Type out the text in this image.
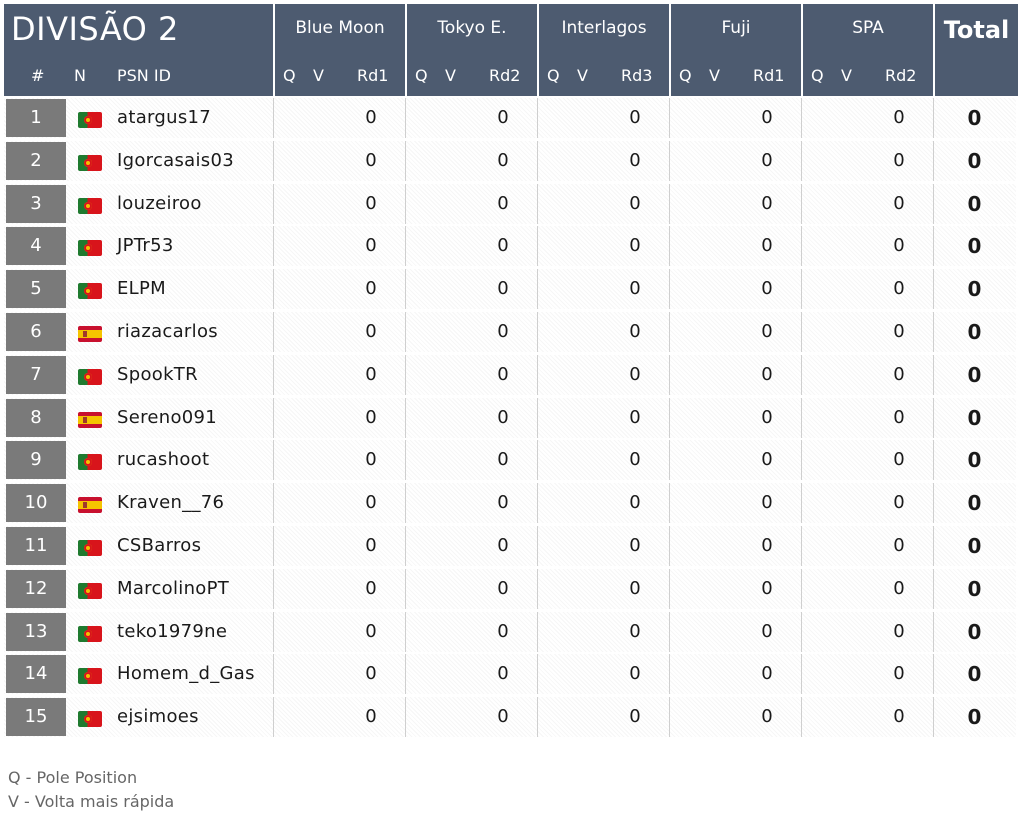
DIVISÃO 2
# N PSN ID
Blue Moon
Q V Rd1
Tokyo E.
Q V Rd2
Interlagos
Q V Rd3
Fuji
Q V Rd1
SPA
Q V Rd2
Total
1	atargus17	0	0	0	0	0	0
2	Igorcasais03	0	0	0	0	0	0
3	louzeiroo	0	0	0	0	0	0
4	JPTr53	0	0	0	0	0	0
5	ELPM	0	0	0	0	0	0
6	riazacarlos	0	0	0	0	0	0
7	SpookTR	0	0	0	0	0	0
8	Sereno091	0	0	0	0	0	0
9	rucashoot	0	0	0	0	0	0
10	Kraven__76	0	0	0	0	0	0
11	CSBarros	0	0	0	0	0	0
12	MarcolinoPT	0	0	0	0	0	0
13	teko1979ne	0	0	0	0	0	0
14	Homem_d_Gas	0	0	0	0	0	0
15	ejsimoes	0	0	0	0	0	0
Q - Pole Position
V - Volta mais rápida
